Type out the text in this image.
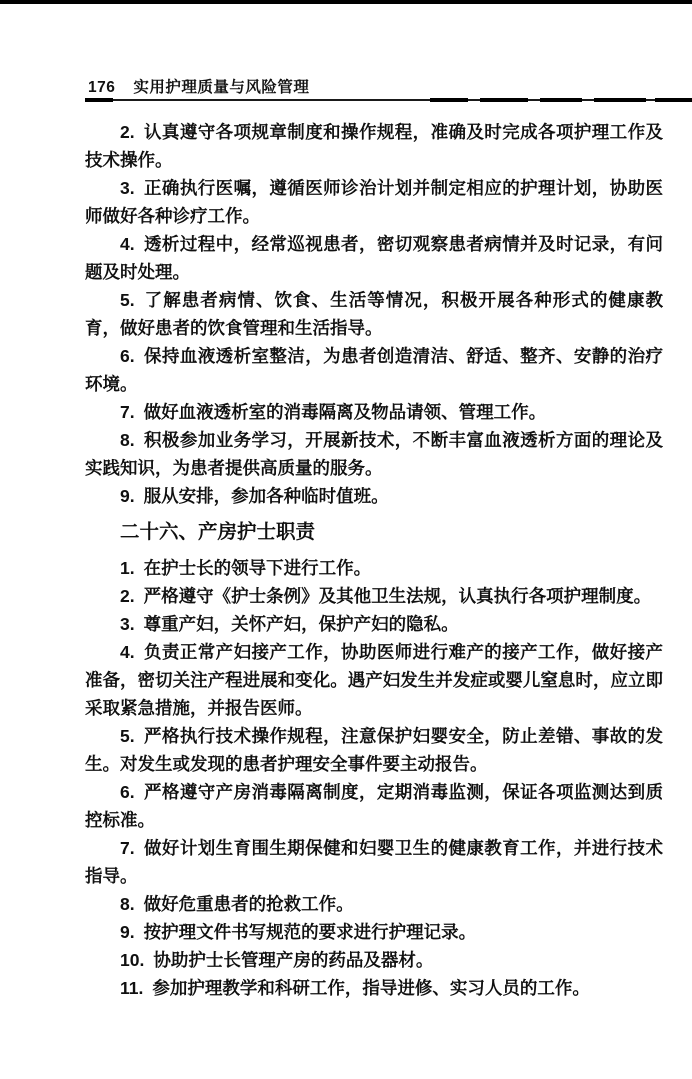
176 实用护理质量与风险管理

2. 认真遵守各项规章制度和操作规程，准确及时完成各项护理工作及技术操作。

3. 正确执行医嘱，遵循医师诊治计划并制定相应的护理计划，协助医师做好各种诊疗工作。

4. 透析过程中，经常巡视患者，密切观察患者病情并及时记录，有问题及时处理。

5. 了解患者病情、饮食、生活等情况，积极开展各种形式的健康教育，做好患者的饮食管理和生活指导。

6. 保持血液透析室整洁，为患者创造清洁、舒适、整齐、安静的治疗环境。

7. 做好血液透析室的消毒隔离及物品请领、管理工作。

8. 积极参加业务学习，开展新技术，不断丰富血液透析方面的理论及实践知识，为患者提供高质量的服务。

9. 服从安排，参加各种临时值班。

二十六、产房护士职责

1. 在护士长的领导下进行工作。

2. 严格遵守《护士条例》及其他卫生法规，认真执行各项护理制度。

3. 尊重产妇，关怀产妇，保护产妇的隐私。

4. 负责正常产妇接产工作，协助医师进行难产的接产工作，做好接产准备，密切关注产程进展和变化。遇产妇发生并发症或婴儿窒息时，应立即采取紧急措施，并报告医师。

5. 严格执行技术操作规程，注意保护妇婴安全，防止差错、事故的发生。对发生或发现的患者护理安全事件要主动报告。

6. 严格遵守产房消毒隔离制度，定期消毒监测，保证各项监测达到质控标准。

7. 做好计划生育围生期保健和妇婴卫生的健康教育工作，并进行技术指导。

8. 做好危重患者的抢救工作。

9. 按护理文件书写规范的要求进行护理记录。

10. 协助护士长管理产房的药品及器材。

11. 参加护理教学和科研工作，指导进修、实习人员的工作。
